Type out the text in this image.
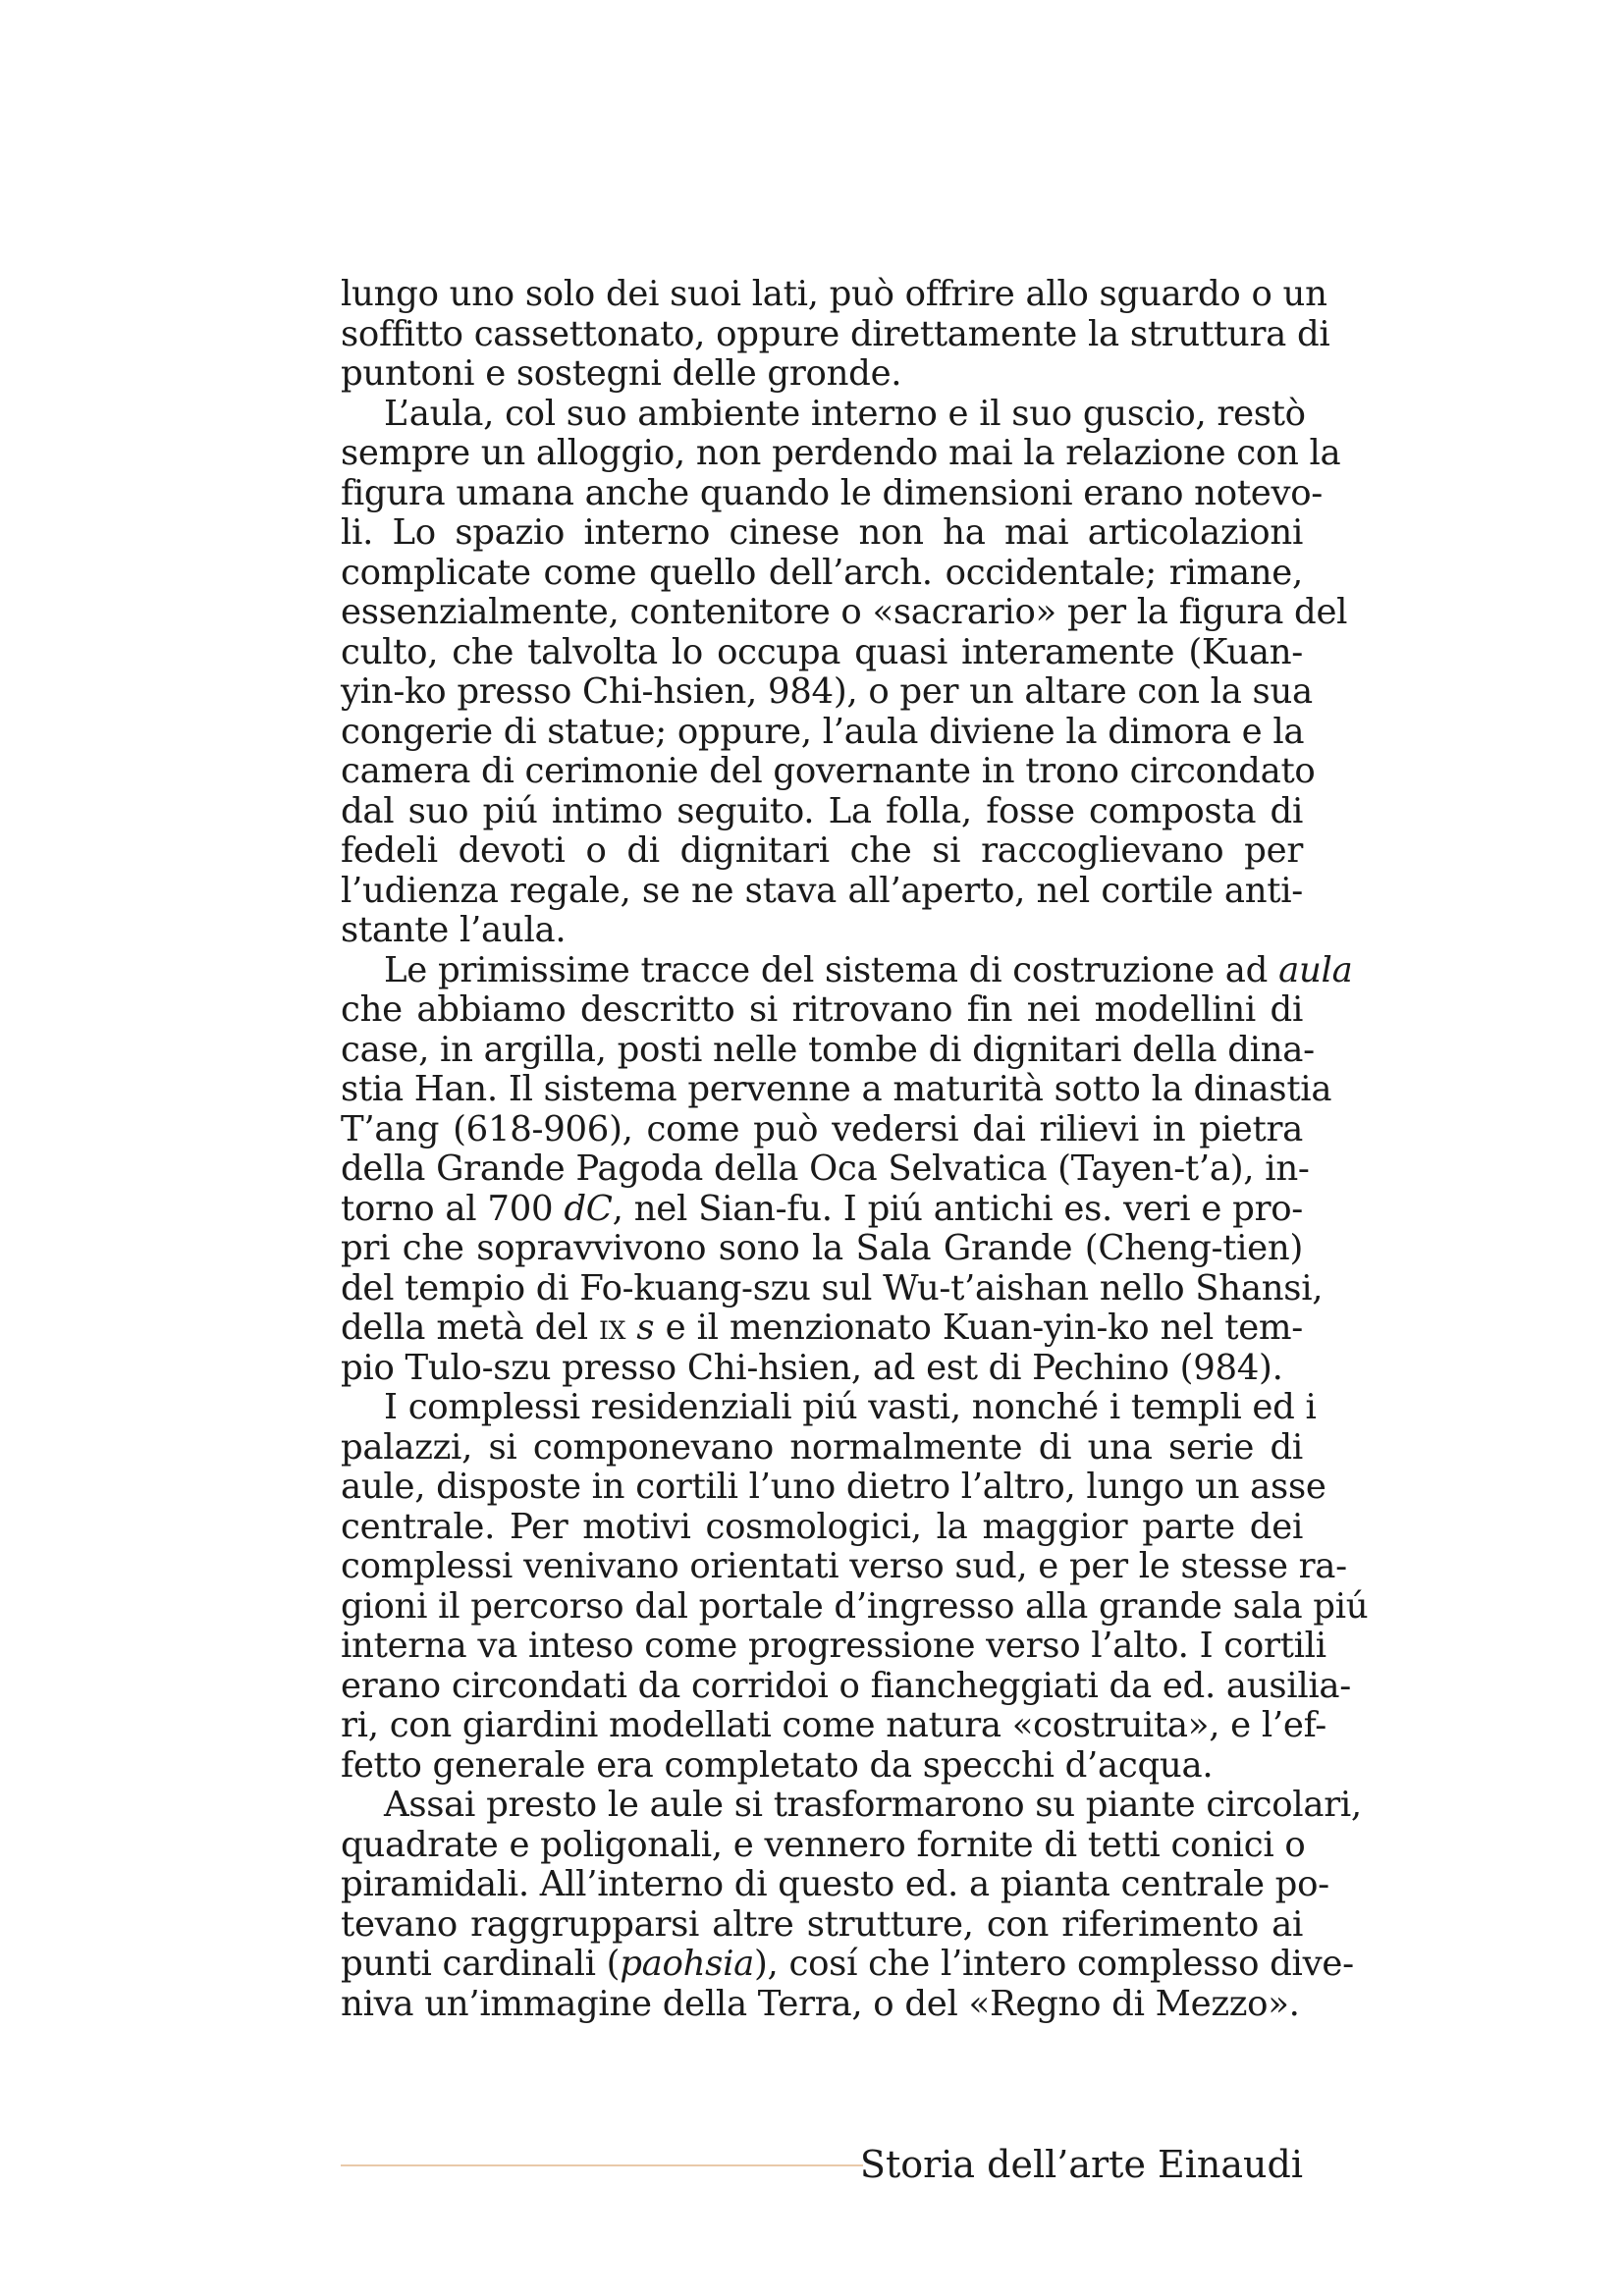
lungo uno solo dei suoi lati, può offrire allo sguardo o un
soffitto cassettonato, oppure direttamente la struttura di
puntoni e sostegni delle gronde.
L’aula, col suo ambiente interno e il suo guscio, restò
sempre un alloggio, non perdendo mai la relazione con la
figura umana anche quando le dimensioni erano notevo-
li. Lo spazio interno cinese non ha mai articolazioni
complicate come quello dell’arch. occidentale; rimane,
essenzialmente, contenitore o «sacrario» per la figura del
culto, che talvolta lo occupa quasi interamente (Kuan-
yin-ko presso Chi-hsien, 984), o per un altare con la sua
congerie di statue; oppure, l’aula diviene la dimora e la
camera di cerimonie del governante in trono circondato
dal suo piú intimo seguito. La folla, fosse composta di
fedeli devoti o di dignitari che si raccoglievano per
l’udienza regale, se ne stava all’aperto, nel cortile anti-
stante l’aula.
Le primissime tracce del sistema di costruzione ad aula
che abbiamo descritto si ritrovano fin nei modellini di
case, in argilla, posti nelle tombe di dignitari della dina-
stia Han. Il sistema pervenne a maturità sotto la dinastia
T’ang (618-906), come può vedersi dai rilievi in pietra
della Grande Pagoda della Oca Selvatica (Tayen-t’a), in-
torno al 700 dC, nel Sian-fu. I piú antichi es. veri e pro-
pri che sopravvivono sono la Sala Grande (Cheng-tien)
del tempio di Fo-kuang-szu sul Wu-t’aishan nello Shansi,
della metà del ix s e il menzionato Kuan-yin-ko nel tem-
pio Tulo-szu presso Chi-hsien, ad est di Pechino (984).
I complessi residenziali piú vasti, nonché i templi ed i
palazzi, si componevano normalmente di una serie di
aule, disposte in cortili l’uno dietro l’altro, lungo un asse
centrale. Per motivi cosmologici, la maggior parte dei
complessi venivano orientati verso sud, e per le stesse ra-
gioni il percorso dal portale d’ingresso alla grande sala piú
interna va inteso come progressione verso l’alto. I cortili
erano circondati da corridoi o fiancheggiati da ed. ausilia-
ri, con giardini modellati come natura «costruita», e l’ef-
fetto generale era completato da specchi d’acqua.
Assai presto le aule si trasformarono su piante circolari,
quadrate e poligonali, e vennero fornite di tetti conici o
piramidali. All’interno di questo ed. a pianta centrale po-
tevano raggrupparsi altre strutture, con riferimento ai
punti cardinali (paohsia), cosí che l’intero complesso dive-
niva un’immagine della Terra, o del «Regno di Mezzo».
Storia dell’arte Einaudi
